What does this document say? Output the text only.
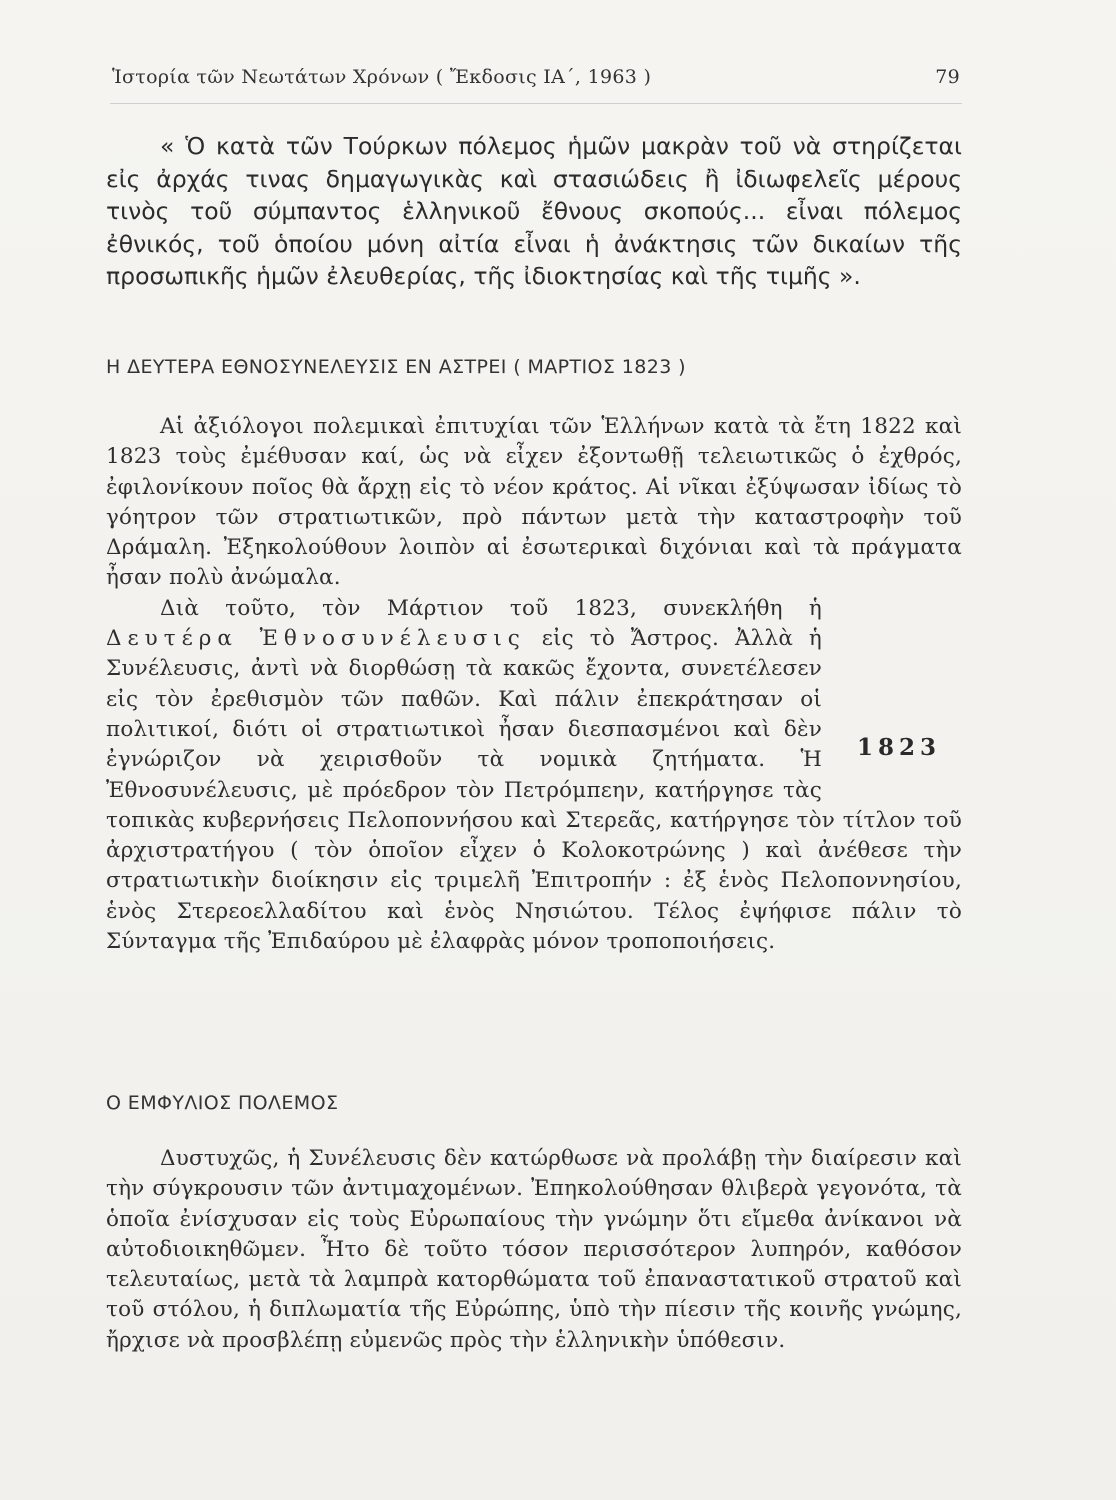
Ἱστορία τῶν Νεωτάτων Χρόνων ( Ἔκδοσις ΙΑ΄, 1963 )	79
« Ὁ κατὰ τῶν Τούρκων πόλεμος ἡμῶν μακρὰν τοῦ νὰ στηρίζεται εἰς ἀρχάς τινας δημαγωγικὰς καὶ στασιώδεις ἢ ἰδιωφελεῖς μέρους τινὸς τοῦ σύμπαντος ἑλληνικοῦ ἔθνους σκοπούς... εἶναι πόλεμος ἐθνικός, τοῦ ὁποίου μόνη αἰτία εἶναι ἡ ἀνάκτησις τῶν δικαίων τῆς προσωπικῆς ἡμῶν ἐλευθερίας, τῆς ἰδιοκτησίας καὶ τῆς τιμῆς ».
Η ΔΕΥΤΕΡΑ ΕΘΝΟΣΥΝΕΛΕΥΣΙΣ ΕΝ ΑΣΤΡΕΙ ( ΜΑΡΤΙΟΣ 1823 )

Αἱ ἀξιόλογοι πολεμικαὶ ἐπιτυχίαι τῶν Ἑλλήνων κατὰ τὰ ἔτη 1822 καὶ 1823 τοὺς ἐμέθυσαν καί, ὡς νὰ εἶχεν ἐξοντωθῇ τελειωτικῶς ὁ ἐχθρός, ἐφιλονίκουν ποῖος θὰ ἄρχῃ εἰς τὸ νέον κράτος. Αἱ νῖκαι ἐξύψωσαν ἰδίως τὸ γόητρον τῶν στρατιωτικῶν, πρὸ πάντων μετὰ τὴν καταστροφὴν τοῦ Δράμαλη. Ἐξηκολούθουν λοιπὸν αἱ ἐσωτερικαὶ διχόνιαι καὶ τὰ πράγματα ἦσαν πολὺ ἀνώμαλα.

Διὰ τοῦτο, τὸν Μάρτιον τοῦ 1823, συνεκλήθη ἡ Δευτέρα Ἐθνοσυνέλευσις εἰς τὸ Ἄστρος. Ἀλλὰ ἡ Συνέλευσις, ἀντὶ νὰ διορθώσῃ τὰ κακῶς ἔχοντα, συνετέλεσεν εἰς τὸν ἐρεθισμὸν τῶν παθῶν. Καὶ πάλιν ἐπεκράτησαν οἱ πολιτικοί, διότι οἱ στρατιωτικοὶ ἦσαν διεσπασμένοι καὶ δὲν ἐγνώριζον νὰ χειρισθοῦν τὰ νομικὰ ζητήματα. Ἡ Ἐθνοσυνέλευσις, μὲ πρόεδρον τὸν Πετρόμπεην, κατήργησε τὰς τοπικὰς κυβερνήσεις Πελοποννήσου καὶ Στερεᾶς, κατήργησε τὸν τίτλον τοῦ ἀρχιστρατήγου ( τὸν ὁποῖον εἶχεν ὁ Κολοκοτρώνης ) καὶ ἀνέθεσε τὴν στρατιωτικὴν διοίκησιν εἰς τριμελῆ Ἐπιτροπήν : ἐξ ἑνὸς Πελοποννησίου, ἑνὸς Στερεοελλαδίτου καὶ ἑνὸς Νησιώτου. Τέλος ἐψήφισε πάλιν τὸ Σύνταγμα τῆς Ἐπιδαύρου μὲ ἐλαφρὰς μόνον τροποποιήσεις.

1823
Ο ΕΜΦΥΛΙΟΣ ΠΟΛΕΜΟΣ

Δυστυχῶς, ἡ Συνέλευσις δὲν κατώρθωσε νὰ προλάβῃ τὴν διαίρεσιν καὶ τὴν σύγκρουσιν τῶν ἀντιμαχομένων. Ἐπηκολούθησαν θλιβερὰ γεγονότα, τὰ ὁποῖα ἐνίσχυσαν εἰς τοὺς Εὐρωπαίους τὴν γνώμην ὅτι εἴμεθα ἀνίκανοι νὰ αὐτοδιοικηθῶμεν. Ἦτο δὲ τοῦτο τόσον περισσότερον λυπηρόν, καθόσον τελευταίως, μετὰ τὰ λαμπρὰ κατορθώματα τοῦ ἐπαναστατικοῦ στρατοῦ καὶ τοῦ στόλου, ἡ διπλωματία τῆς Εὐρώπης, ὑπὸ τὴν πίεσιν τῆς κοινῆς γνώμης, ἤρχισε νὰ προσβλέπῃ εὐμενῶς πρὸς τὴν ἑλληνικὴν ὑπόθεσιν.
